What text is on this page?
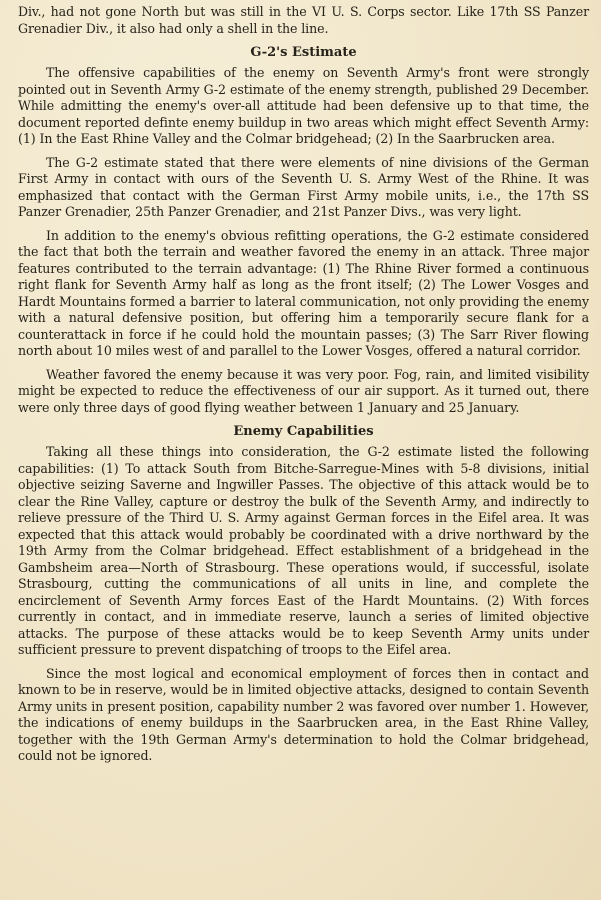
Div., had not gone North but was still in the VI U. S. Corps sector. Like 17th SS Panzer Grenadier Div., it also had only a shell in the line.

G-2's Estimate

The offensive capabilities of the enemy on Seventh Army's front were strongly pointed out in Seventh Army G-2 estimate of the enemy strength, published 29 December. While admitting the enemy's over-all attitude had been defensive up to that time, the document reported definte enemy buildup in two areas which might effect Seventh Army: (1) In the East Rhine Valley and the Colmar bridgehead; (2) In the Saarbrucken area.

The G-2 estimate stated that there were elements of nine divisions of the German First Army in contact with ours of the Seventh U. S. Army West of the Rhine. It was emphasized that contact with the German First Army mobile units, i.e., the 17th SS Panzer Grenadier, 25th Panzer Grenadier, and 21st Panzer Divs., was very light.

In addition to the enemy's obvious refitting operations, the G-2 estimate considered the fact that both the terrain and weather favored the enemy in an attack. Three major features contributed to the terrain advantage: (1) The Rhine River formed a continuous right flank for Seventh Army half as long as the front itself; (2) The Lower Vosges and Hardt Mountains formed a barrier to lateral communication, not only providing the enemy with a natural defensive position, but offering him a temporarily secure flank for a counterattack in force if he could hold the mountain passes; (3) The Sarr River flowing north about 10 miles west of and parallel to the Lower Vosges, offered a natural corridor.

Weather favored the enemy because it was very poor. Fog, rain, and limited visibility might be expected to reduce the effectiveness of our air support. As it turned out, there were only three days of good flying weather between 1 January and 25 January.

Enemy Capabilities

Taking all these things into consideration, the G-2 estimate listed the following capabilities: (1) To attack South from Bitche-Sarregue-Mines with 5-8 divisions, initial objective seizing Saverne and Ingwiller Passes. The objective of this attack would be to clear the Rine Valley, capture or destroy the bulk of the Seventh Army, and indirectly to relieve pressure of the Third U. S. Army against German forces in the Eifel area. It was expected that this attack would probably be coordinated with a drive northward by the 19th Army from the Colmar bridgehead. Effect establishment of a bridgehead in the Gambsheim area—North of Strasbourg. These operations would, if successful, isolate Strasbourg, cutting the communications of all units in line, and complete the encirclement of Seventh Army forces East of the Hardt Mountains. (2) With forces currently in contact, and in immediate reserve, launch a series of limited objective attacks. The purpose of these attacks would be to keep Seventh Army units under sufficient pressure to prevent dispatching of troops to the Eifel area.

Since the most logical and economical employment of forces then in contact and known to be in reserve, would be in limited objective attacks, designed to contain Seventh Army units in present position, capability number 2 was favored over number 1. However, the indications of enemy buildups in the Saarbrucken area, in the East Rhine Valley, together with the 19th German Army's determination to hold the Colmar bridgehead, could not be ignored.
